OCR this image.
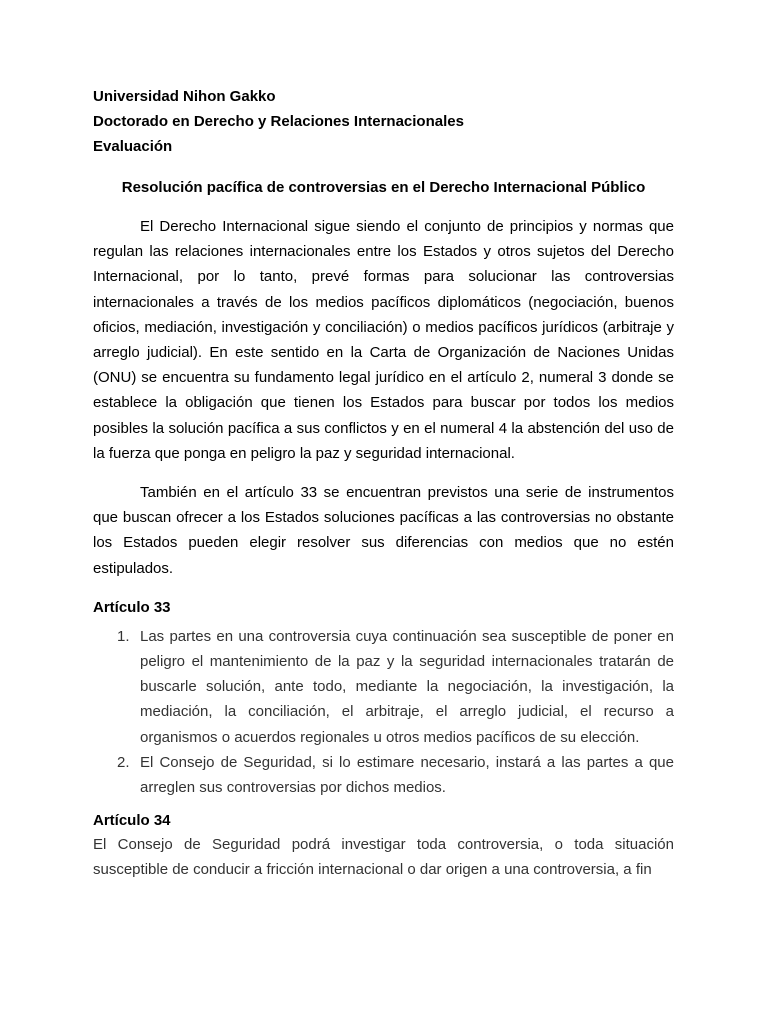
Universidad Nihon Gakko

Doctorado en Derecho y Relaciones Internacionales

Evaluación

Resolución pacífica de controversias en el Derecho Internacional Público

El Derecho Internacional sigue siendo el conjunto de principios y normas que regulan las relaciones internacionales entre los Estados y otros sujetos del Derecho Internacional, por lo tanto, prevé formas para solucionar las controversias internacionales a través de los medios pacíficos diplomáticos (negociación, buenos oficios, mediación, investigación y conciliación) o medios pacíficos jurídicos (arbitraje y arreglo judicial). En este sentido en la Carta de Organización de Naciones Unidas (ONU) se encuentra su fundamento legal jurídico en el artículo 2, numeral 3 donde se establece la obligación que tienen los Estados para buscar por todos los medios posibles la solución pacífica a sus conflictos y en el numeral 4 la abstención del uso de la fuerza que ponga en peligro la paz y seguridad internacional.

También en el artículo 33 se encuentran previstos una serie de instrumentos que buscan ofrecer a los Estados soluciones pacíficas a las controversias no obstante los Estados pueden elegir resolver sus diferencias con medios que no estén estipulados.

Artículo 33

1. Las partes en una controversia cuya continuación sea susceptible de poner en peligro el mantenimiento de la paz y la seguridad internacionales tratarán de buscarle solución, ante todo, mediante la negociación, la investigación, la mediación, la conciliación, el arbitraje, el arreglo judicial, el recurso a organismos o acuerdos regionales u otros medios pacíficos de su elección.
2. El Consejo de Seguridad, si lo estimare necesario, instará a las partes a que arreglen sus controversias por dichos medios.

Artículo 34

El Consejo de Seguridad podrá investigar toda controversia, o toda situación susceptible de conducir a fricción internacional o dar origen a una controversia, a fin
